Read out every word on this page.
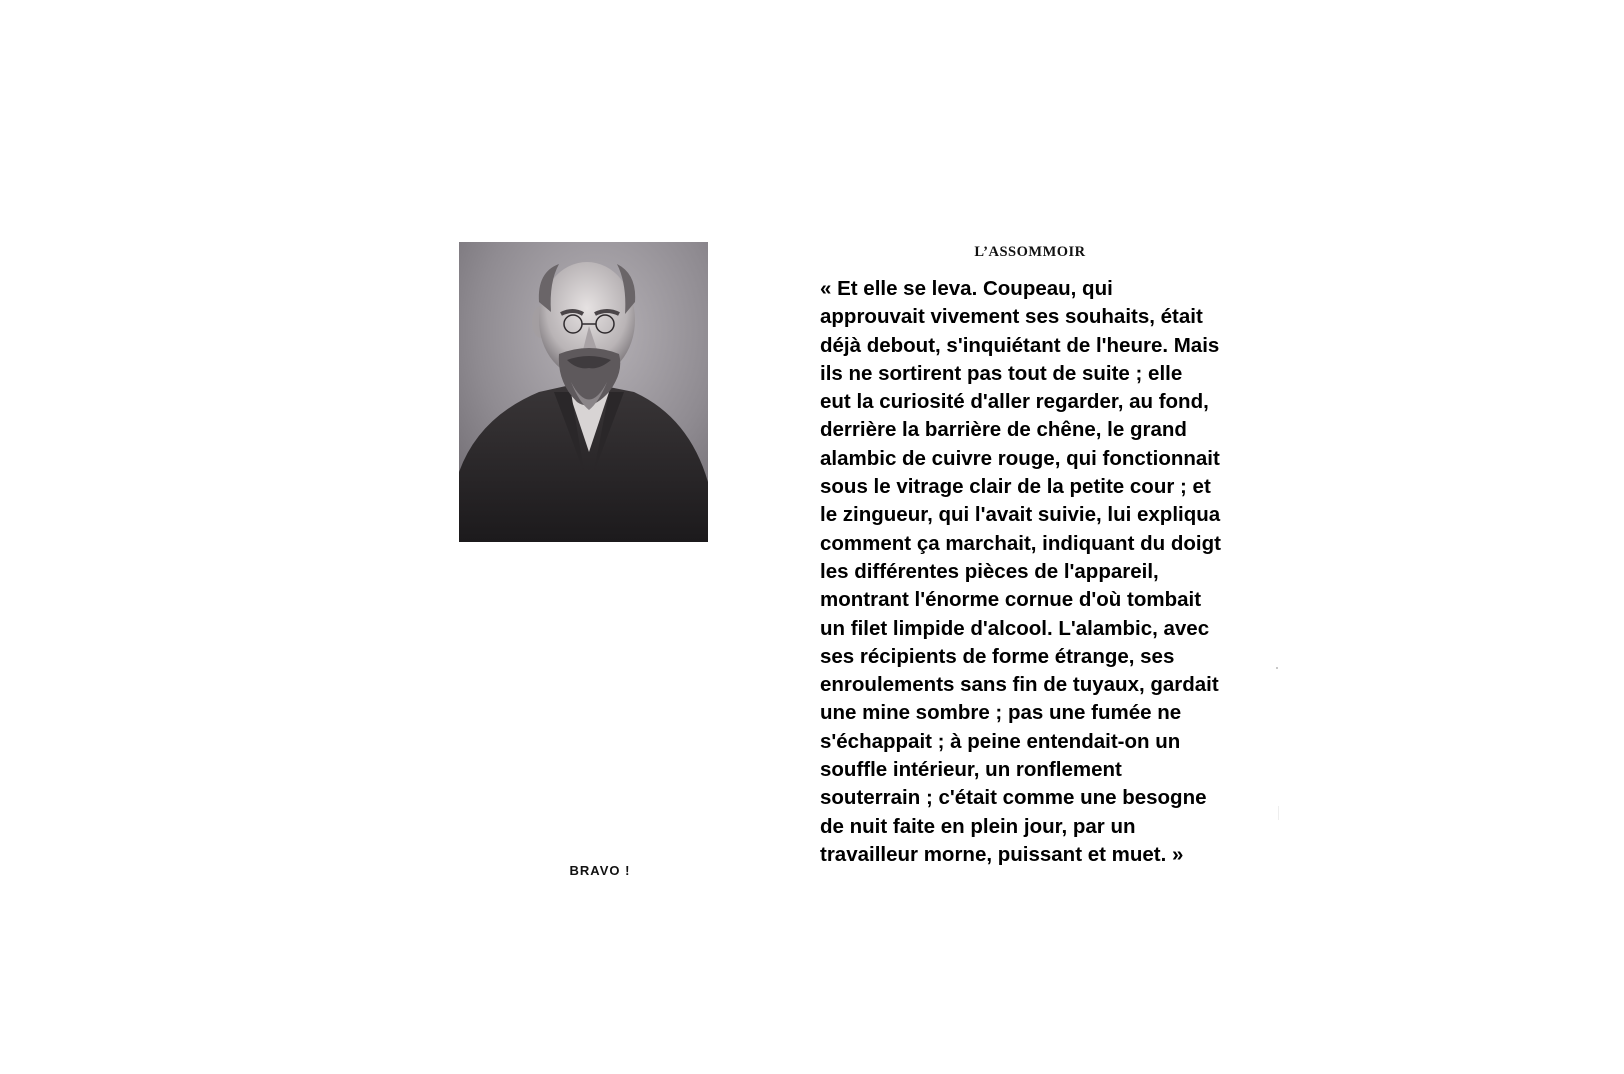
L’ASSOMMOIR
« Et elle se leva. Coupeau, qui
approuvait vivement ses souhaits, était
déjà debout, s'inquiétant de l'heure. Mais
ils ne sortirent pas tout de suite ; elle
eut la curiosité d'aller regarder, au fond,
derrière la barrière de chêne, le grand
alambic de cuivre rouge, qui fonctionnait
sous le vitrage clair de la petite cour ; et
le zingueur, qui l'avait suivie, lui expliqua
comment ça marchait, indiquant du doigt
les différentes pièces de l'appareil,
montrant l'énorme cornue d'où tombait
un filet limpide d'alcool. L'alambic, avec
ses récipients de forme étrange, ses
enroulements sans fin de tuyaux, gardait
une mine sombre ; pas une fumée ne
s'échappait ; à peine entendait-on un
souffle intérieur, un ronflement
souterrain ; c'était comme une besogne
de nuit faite en plein jour, par un
travailleur morne, puissant et muet. »

BRAVO !
